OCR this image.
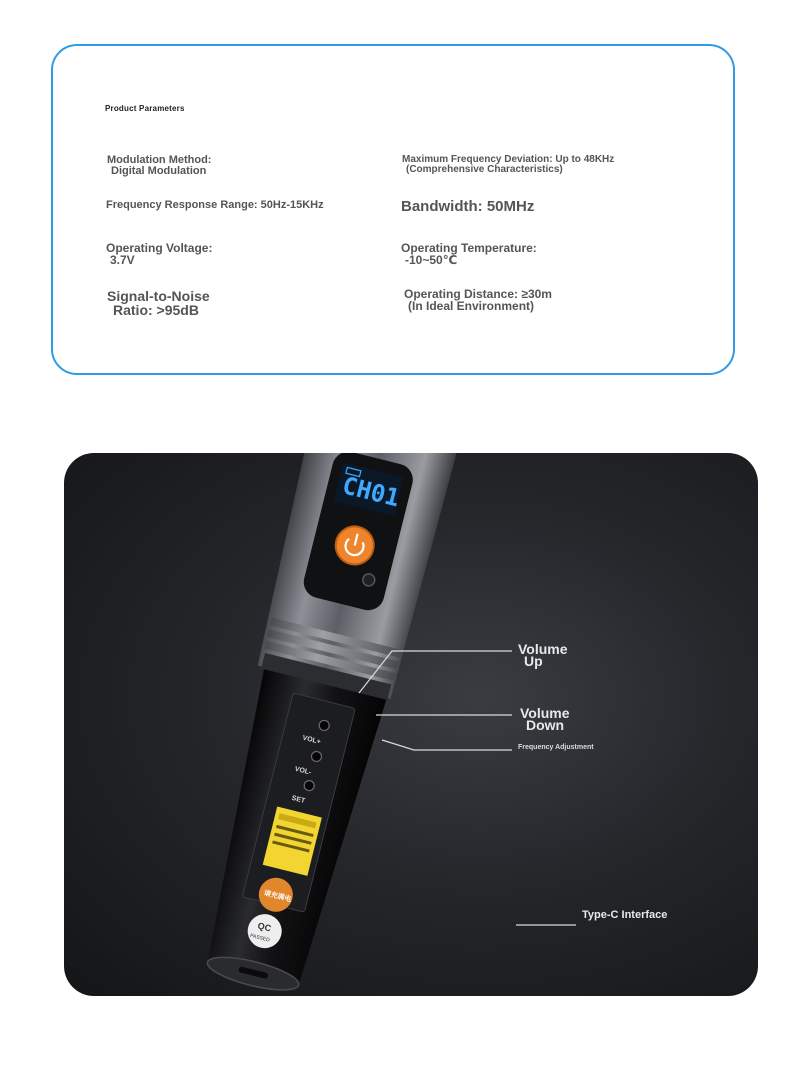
Product Parameters
Modulation Method:
Digital Modulation
Maximum Frequency Deviation: Up to 48KHz
(Comprehensive Characteristics)
Frequency Response Range: 50Hz-15KHz	Bandwidth: 50MHz
Operating Voltage:
3.7V
Operating Temperature:
-10~50℃
Signal-to-Noise
Ratio: >95dB
Operating Distance: ≥30m
(In Ideal Environment)
CH01
VOL+
VOL-
SET
请充满电
QC
PASSED
Volume
Up
Volume
Down
Frequency Adjustment
Type-C Interface
